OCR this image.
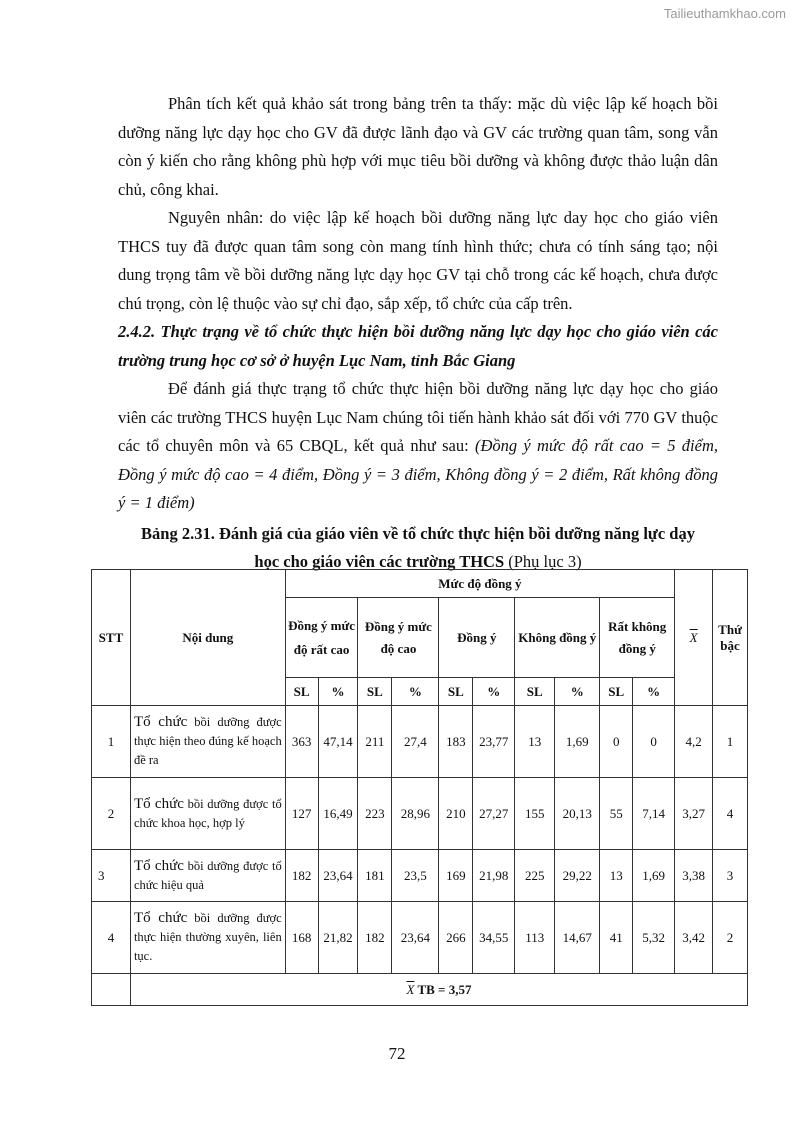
Tailieuthamkhao.com

Phân tích kết quả khảo sát trong bảng trên ta thấy: mặc dù việc lập kế hoạch bồi dưỡng năng lực dạy học cho GV đã được lãnh đạo và GV các trường quan tâm, song vẫn còn ý kiến cho rằng không phù hợp với mục tiêu bồi dưỡng và không được thảo luận dân chủ, công khai.

Nguyên nhân: do việc lập kế hoạch bồi dưỡng năng lực day học cho giáo viên THCS tuy đã được quan tâm song còn mang tính hình thức; chưa có tính sáng tạo; nội dung trọng tâm về bồi dưỡng năng lực dạy học GV tại chỗ trong các kế hoạch, chưa được chú trọng, còn lệ thuộc vào sự chỉ đạo, sắp xếp, tổ chức của cấp trên.

2.4.2. Thực trạng về tổ chức thực hiện bồi dưỡng năng lực dạy học cho giáo viên các trường trung học cơ sở ở huyện Lục Nam, tỉnh Bắc Giang

Để đánh giá thực trạng tổ chức thực hiện bồi dưỡng năng lực dạy học cho giáo viên các trường THCS huyện Lục Nam chúng tôi tiến hành khảo sát đối với 770 GV thuộc các tổ chuyên môn và 65 CBQL, kết quả như sau: (Đồng ý mức độ rất cao = 5 điểm, Đồng ý mức độ cao = 4 điểm, Đồng ý = 3 điểm, Không đồng ý = 2 điểm, Rất không đồng ý = 1 điểm)

Bảng 2.31. Đánh giá của giáo viên về tổ chức thực hiện bồi dưỡng năng lực dạy

học cho giáo viên các trường THCS (Phụ lục 3)

STT	Nội dung	Mức độ đồng ý										$\overline{X}$	Thứ bậc
		Đồng ý mức độ rất cao		Đồng ý mức độ cao		Đồng ý		Không đồng ý		Rất không đồng ý			
		SL	%	SL	%	SL	%	SL	%	SL	%		
1	Tổ chức bồi dưỡng được thực hiện theo đúng kế hoạch đề ra	363	47,14	211	27,4	183	23,77	13	1,69	0	0	4,2	1
2	Tổ chức bồi dưỡng được tổ chức khoa học, hợp lý	127	16,49	223	28,96	210	27,27	155	20,13	55	7,14	3,27	4
3	Tổ chức bồi dưỡng được tổ chức hiệu quả	182	23,64	181	23,5	169	21,98	225	29,22	13	1,69	3,38	3
4	Tổ chức bồi dưỡng được thực hiện thường xuyên, liên tục.	168	21,82	182	23,64	266	34,55	113	14,67	41	5,32	3,42	2
	$\overline{X}$ TB = 3,57												
72
